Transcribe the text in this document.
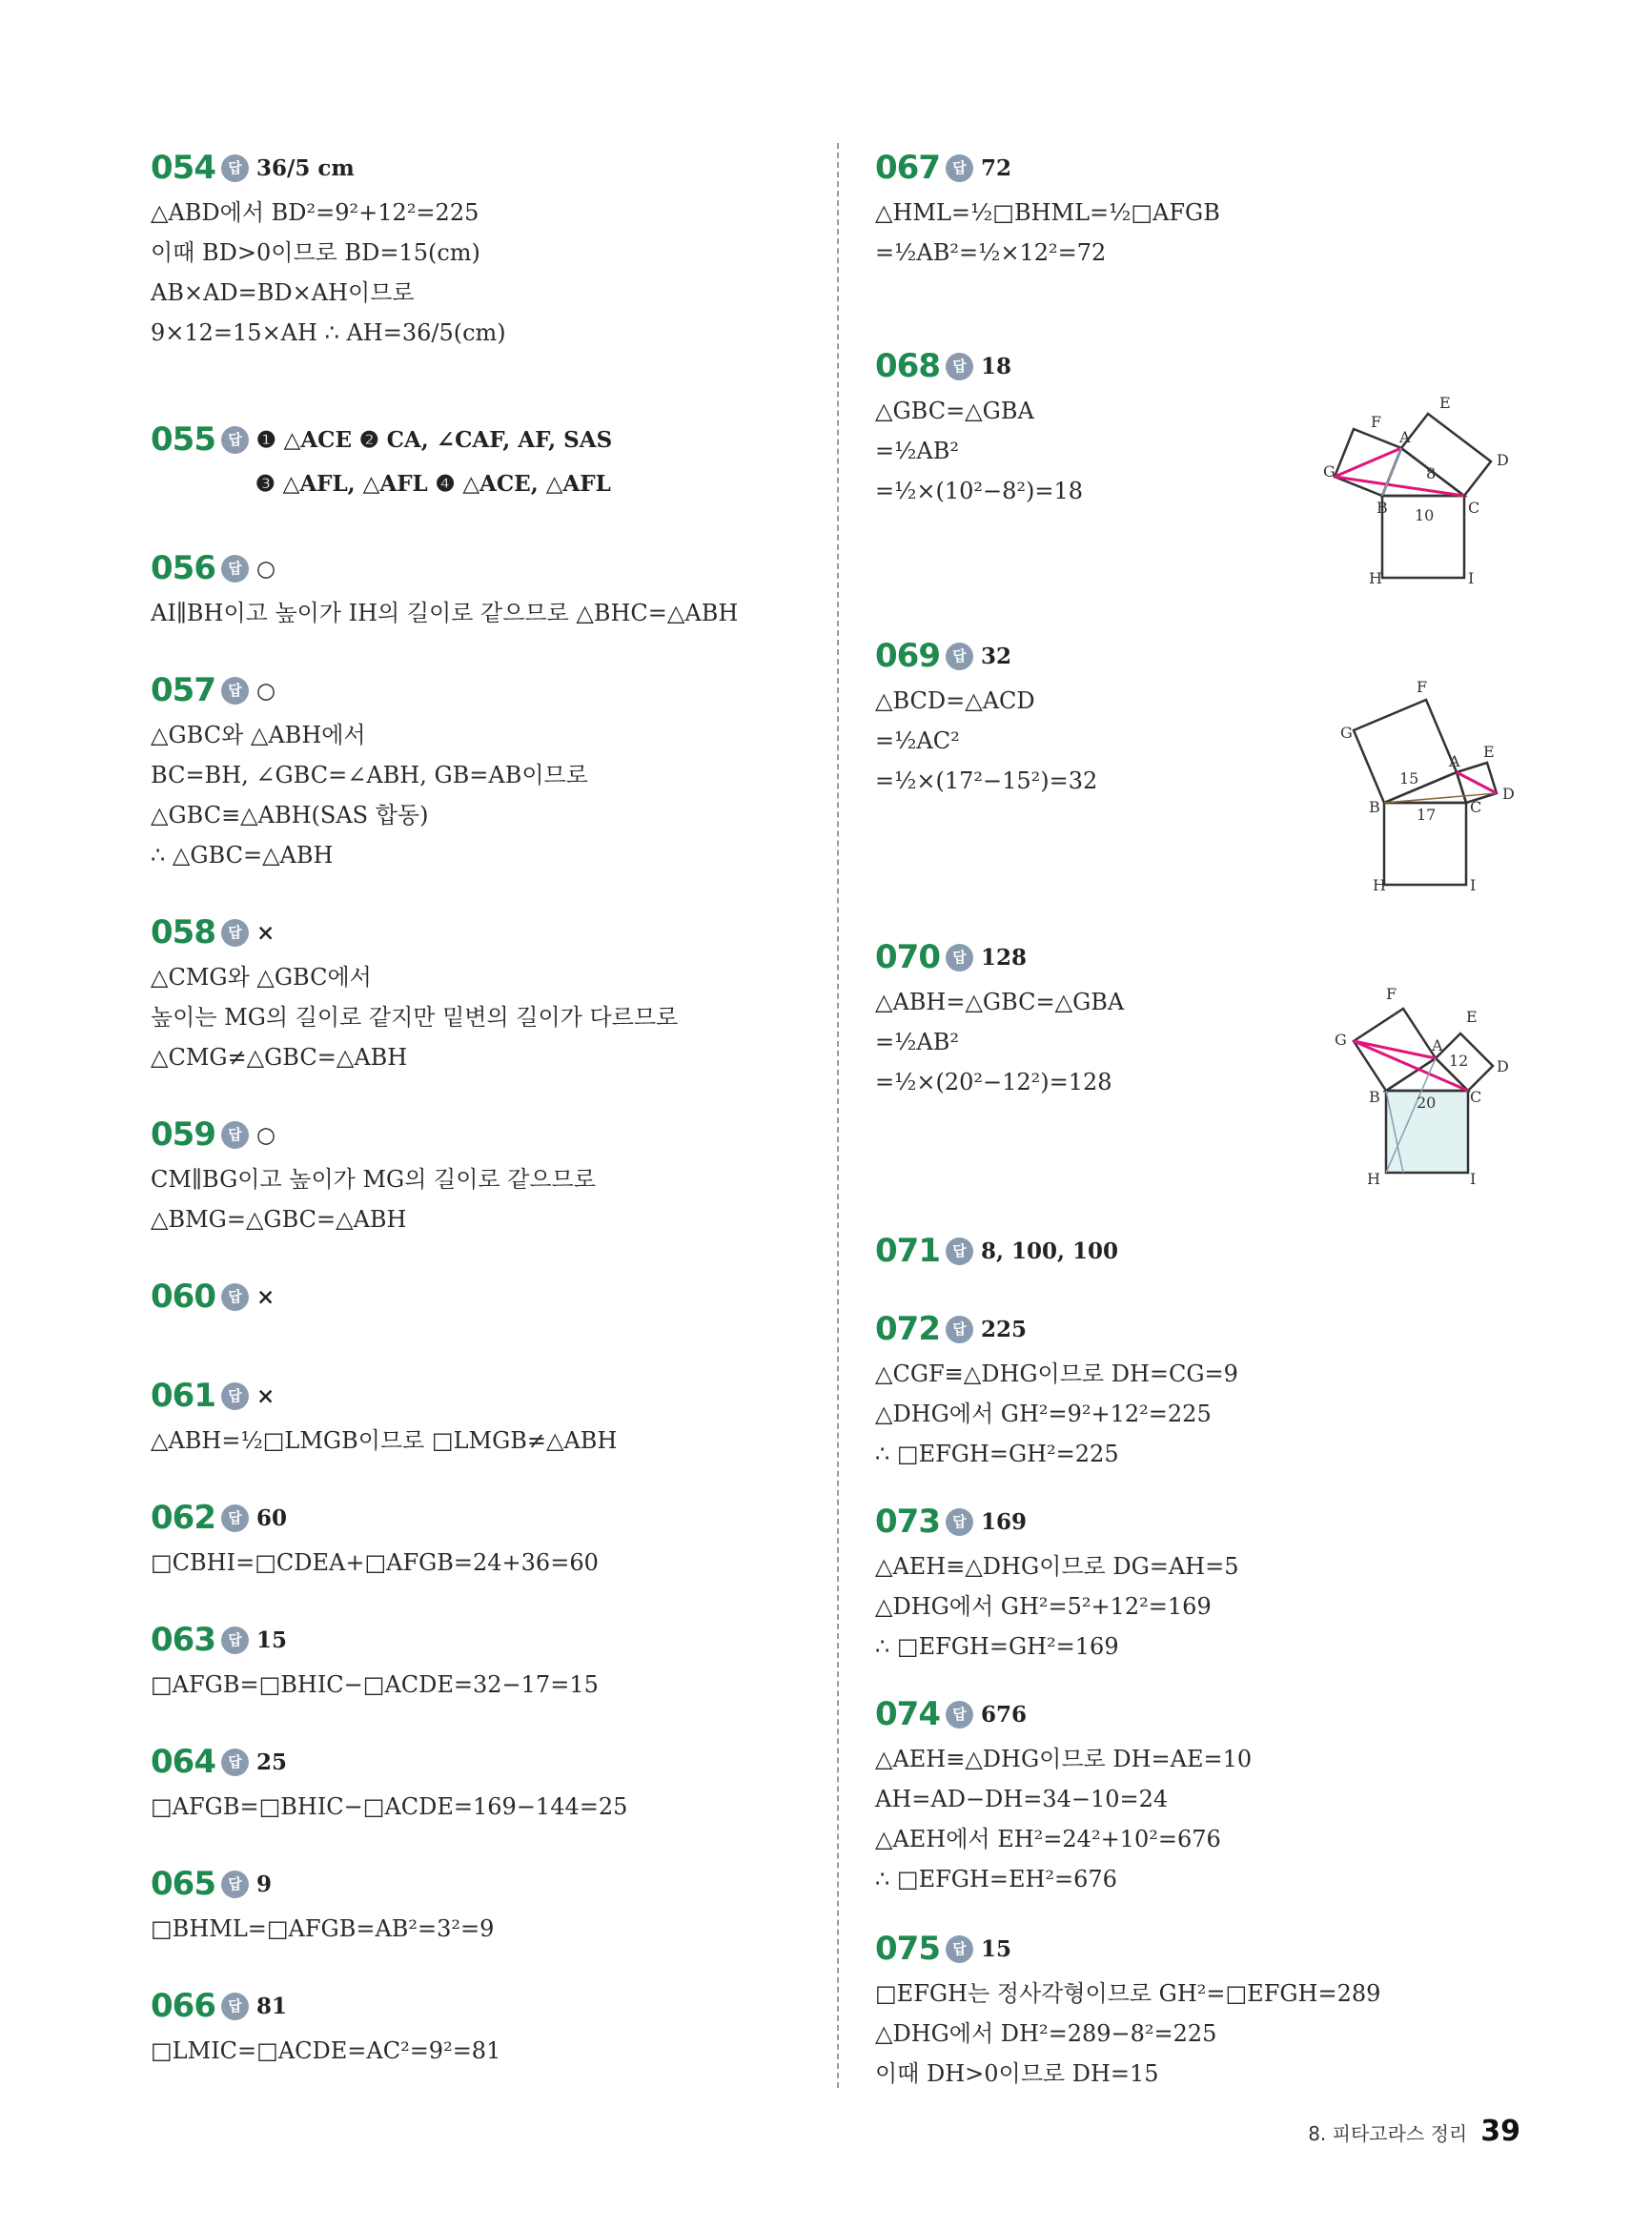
054 답 36/5 cm
△ABD에서 BD²=9²+12²=225
이때 BD>0이므로 BD=15(cm)
AB×AD=BD×AH이므로
9×12=15×AH ∴ AH=36/5(cm)
055 답 ❶ △ACE ❷ CA, ∠CAF, AF, SAS
❸ △AFL, △AFL ❹ △ACE, △AFL
056 답 ○
AI∥BH이고 높이가 IH의 길이로 같으므로 △BHC=△ABH
057 답 ○
△GBC와 △ABH에서
BC=BH, ∠GBC=∠ABH, GB=AB이므로
△GBC≡△ABH(SAS 합동)
∴ △GBC=△ABH
058 답 ×
△CMG와 △GBC에서
높이는 MG의 길이로 같지만 밑변의 길이가 다르므로
△CMG≠△GBC=△ABH
059 답 ○
CM∥BG이고 높이가 MG의 길이로 같으므로
△BMG=△GBC=△ABH
060 답 ×
061 답 ×
△ABH=½□LMGB이므로 □LMGB≠△ABH
062 답 60
□CBHI=□CDEA+□AFGB=24+36=60
063 답 15
□AFGB=□BHIC−□ACDE=32−17=15
064 답 25
□AFGB=□BHIC−□ACDE=169−144=25
065 답 9
□BHML=□AFGB=AB²=3²=9
066 답 81
□LMIC=□ACDE=AC²=9²=81
067 답 72
△HML=½□BHML=½□AFGB
=½AB²=½×12²=72
068 답 18
△GBC=△GBA
=½AB²
=½×(10²−8²)=18
069 답 32
△BCD=△ACD
=½AC²
=½×(17²−15²)=32
070 답 128
△ABH=△GBC=△GBA
=½AB²
=½×(20²−12²)=128
071 답 8, 100, 100
072 답 225
△CGF≡△DHG이므로 DH=CG=9
△DHG에서 GH²=9²+12²=225
∴ □EFGH=GH²=225
073 답 169
△AEH≡△DHG이므로 DG=AH=5
△DHG에서 GH²=5²+12²=169
∴ □EFGH=GH²=169
074 답 676
△AEH≡△DHG이므로 DH=AE=10
AH=AD−DH=34−10=24
△AEH에서 EH²=24²+10²=676
∴ □EFGH=EH²=676
075 답 15
□EFGH는 정사각형이므로 GH²=□EFGH=289
△DHG에서 DH²=289−8²=225
이때 DH>0이므로 DH=15
F
E
A
D
G	8
B	C
10
H	I
F
G
A
E
15
D
B 17 C
H	I
F
A
E
G
12 D
B 20 C
H	I
8. 피타고라스 정리 39
